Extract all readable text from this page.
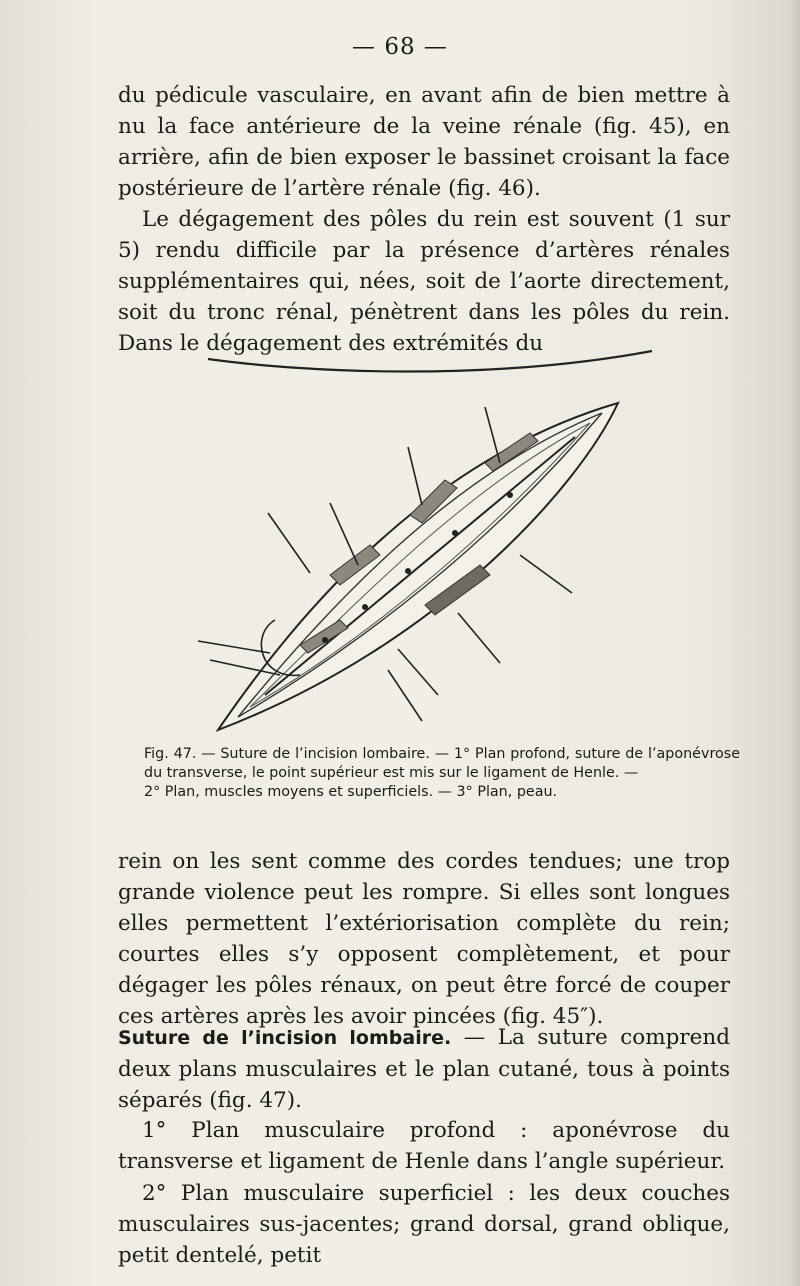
— 68 —

du pédicule vasculaire, en avant afin de bien mettre à nu la face antérieure de la veine rénale (fig. 45), en arrière, afin de bien exposer le bassinet croisant la face postérieure de l’artère rénale (fig. 46).

Le dégagement des pôles du rein est souvent (1 sur 5) rendu difficile par la présence d’artères rénales supplémentaires qui, nées, soit de l’aorte directement, soit du tronc rénal, pénètrent dans les pôles du rein. Dans le dégagement des extrémités du

Fig. 47. — Suture de l’incision lombaire. — 1° Plan profond, suture de l’aponévrose du transverse, le point supérieur est mis sur le ligament de Henle. —
2° Plan, muscles moyens et superficiels. — 3° Plan, peau.

rein on les sent comme des cordes tendues; une trop grande violence peut les rompre. Si elles sont longues elles permettent l’extériorisation complète du rein; courtes elles s’y opposent complètement, et pour dégager les pôles rénaux, on peut être forcé de couper ces artères après les avoir pincées (fig. 45″).

Suture de l’incision lombaire. — La suture comprend deux plans musculaires et le plan cutané, tous à points séparés (fig. 47).

1° Plan musculaire profond : aponévrose du transverse et ligament de Henle dans l’angle supérieur.

2° Plan musculaire superficiel : les deux couches musculaires sus-jacentes; grand dorsal, grand oblique, petit dentelé, petit
